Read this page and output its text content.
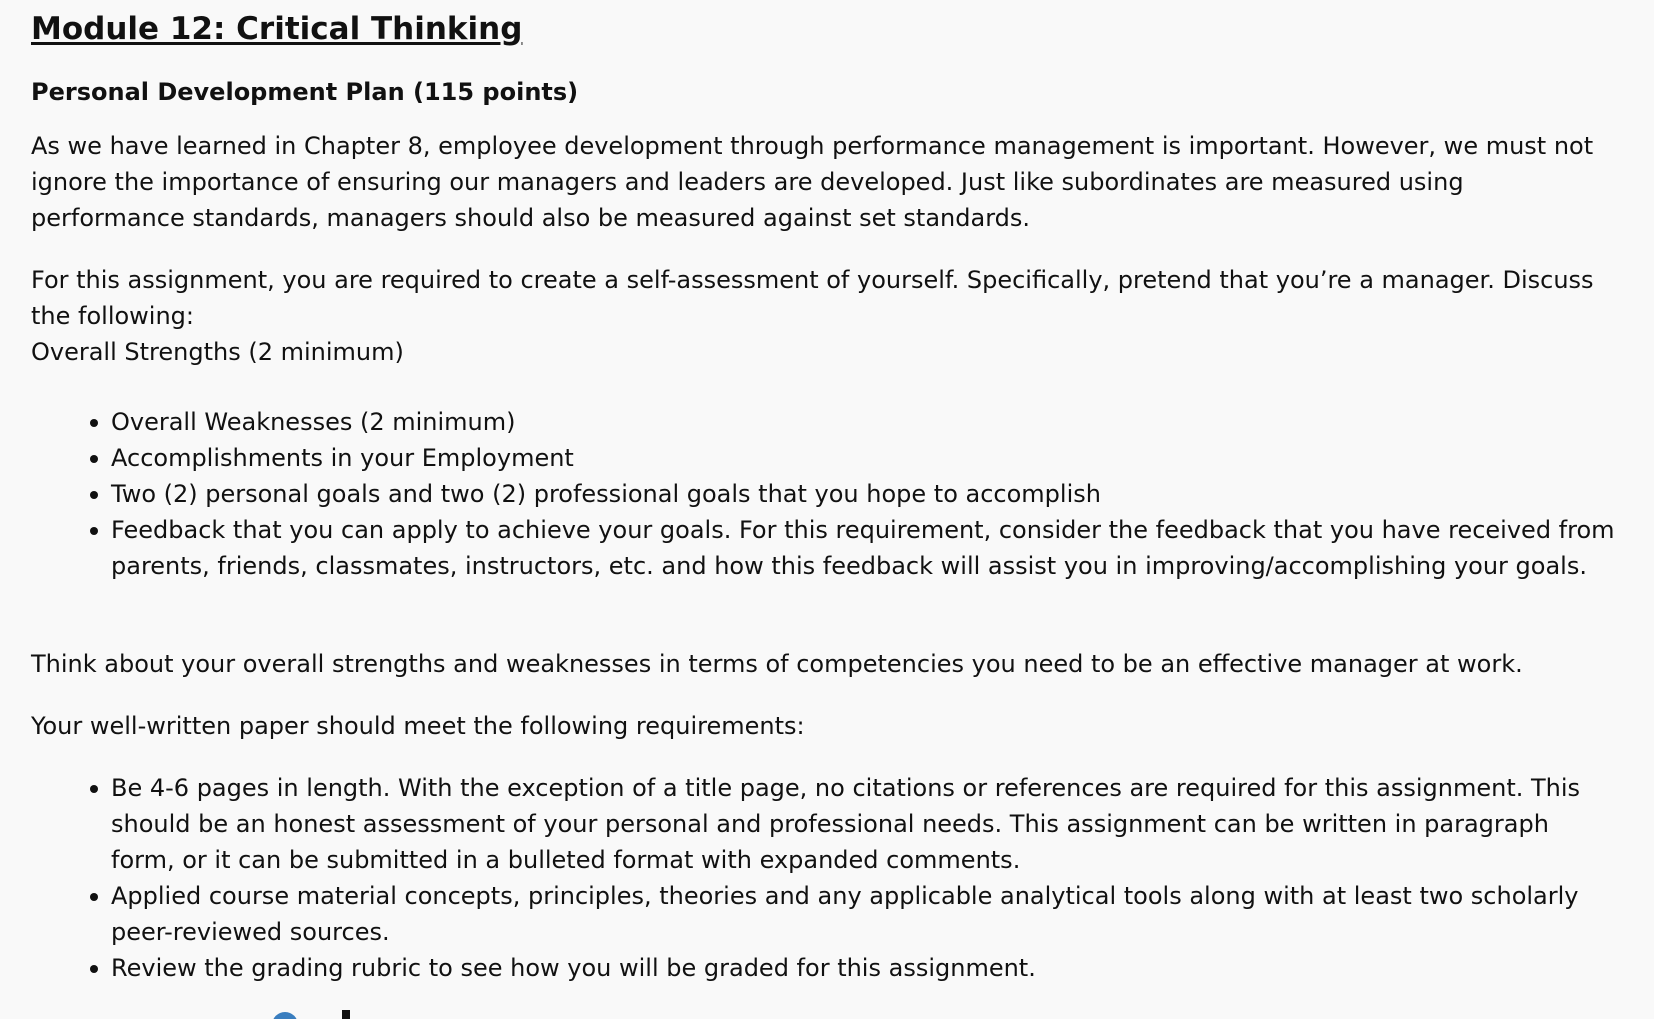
Module 12: Critical Thinking
Personal Development Plan (115 points)

As we have learned in Chapter 8, employee development through performance management is important. However, we must not
ignore the importance of ensuring our managers and leaders are developed. Just like subordinates are measured using
performance standards, managers should also be measured against set standards.

For this assignment, you are required to create a self-assessment of yourself. Specifically, pretend that you’re a manager. Discuss
the following:
Overall Strengths (2 minimum)

Overall Weaknesses (2 minimum)
Accomplishments in your Employment
Two (2) personal goals and two (2) professional goals that you hope to accomplish
Feedback that you can apply to achieve your goals. For this requirement, consider the feedback that you have received from
parents, friends, classmates, instructors, etc. and how this feedback will assist you in improving/accomplishing your goals.

Think about your overall strengths and weaknesses in terms of competencies you need to be an effective manager at work.

Your well-written paper should meet the following requirements:

Be 4-6 pages in length. With the exception of a title page, no citations or references are required for this assignment. This
should be an honest assessment of your personal and professional needs. This assignment can be written in paragraph
form, or it can be submitted in a bulleted format with expanded comments.
Applied course material concepts, principles, theories and any applicable analytical tools along with at least two scholarly
peer-reviewed sources.
Review the grading rubric to see how you will be graded for this assignment.
